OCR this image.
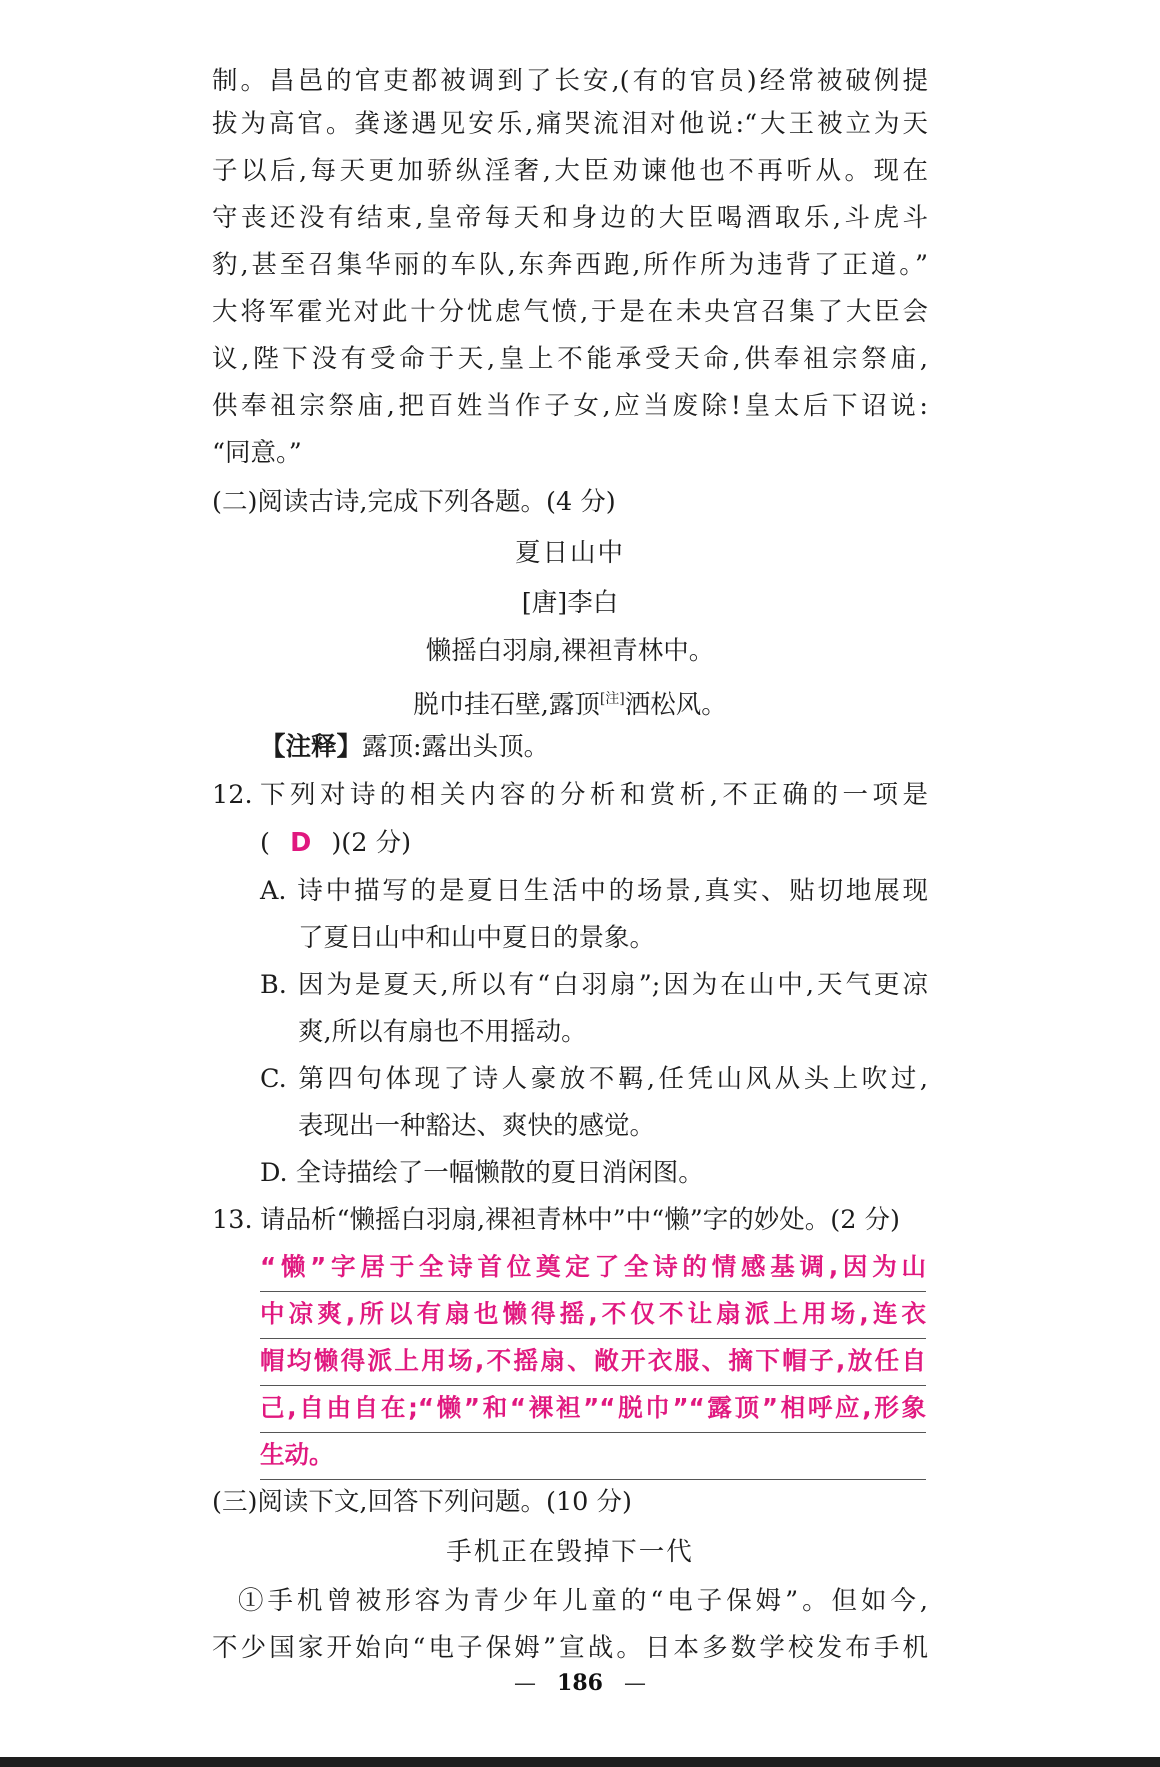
制。昌邑的官吏都被调到了长安,(有的官员)经常被破例提
拔为高官。龚遂遇见安乐,痛哭流泪对他说:“大王被立为天
子以后,每天更加骄纵淫奢,大臣劝谏他也不再听从。现在
守丧还没有结束,皇帝每天和身边的大臣喝酒取乐,斗虎斗
豹,甚至召集华丽的车队,东奔西跑,所作所为违背了正道。”
大将军霍光对此十分忧虑气愤,于是在未央宫召集了大臣会
议,陛下没有受命于天,皇上不能承受天命,供奉祖宗祭庙,
供奉祖宗祭庙,把百姓当作子女,应当废除!皇太后下诏说:
“同意。”
(二)阅读古诗,完成下列各题。(4 分)
夏日山中
[唐]李白
懒摇白羽扇,裸袒青林中。
脱巾挂石壁,露顶[注]洒松风。
【注释】露顶:露出头顶。
12. 下列对诗的相关内容的分析和赏析,不正确的一项是
( D )(2 分)
A. 诗中描写的是夏日生活中的场景,真实、贴切地展现
了夏日山中和山中夏日的景象。
B. 因为是夏天,所以有“白羽扇”;因为在山中,天气更凉
爽,所以有扇也不用摇动。
C. 第四句体现了诗人豪放不羁,任凭山风从头上吹过,
表现出一种豁达、爽快的感觉。
D. 全诗描绘了一幅懒散的夏日消闲图。
13. 请品析“懒摇白羽扇,裸袒青林中”中“懒”字的妙处。(2 分)
“懒”字居于全诗首位奠定了全诗的情感基调,因为山
中凉爽,所以有扇也懒得摇,不仅不让扇派上用场,连衣
帽均懒得派上用场,不摇扇、敞开衣服、摘下帽子,放任自
己,自由自在;“懒”和“裸袒”“脱巾”“露顶”相呼应,形象
生动。
(三)阅读下文,回答下列问题。(10 分)
手机正在毁掉下一代
①手机曾被形容为青少年儿童的“电子保姆”。但如今,
不少国家开始向“电子保姆”宣战。日本多数学校发布手机
— 186 —
